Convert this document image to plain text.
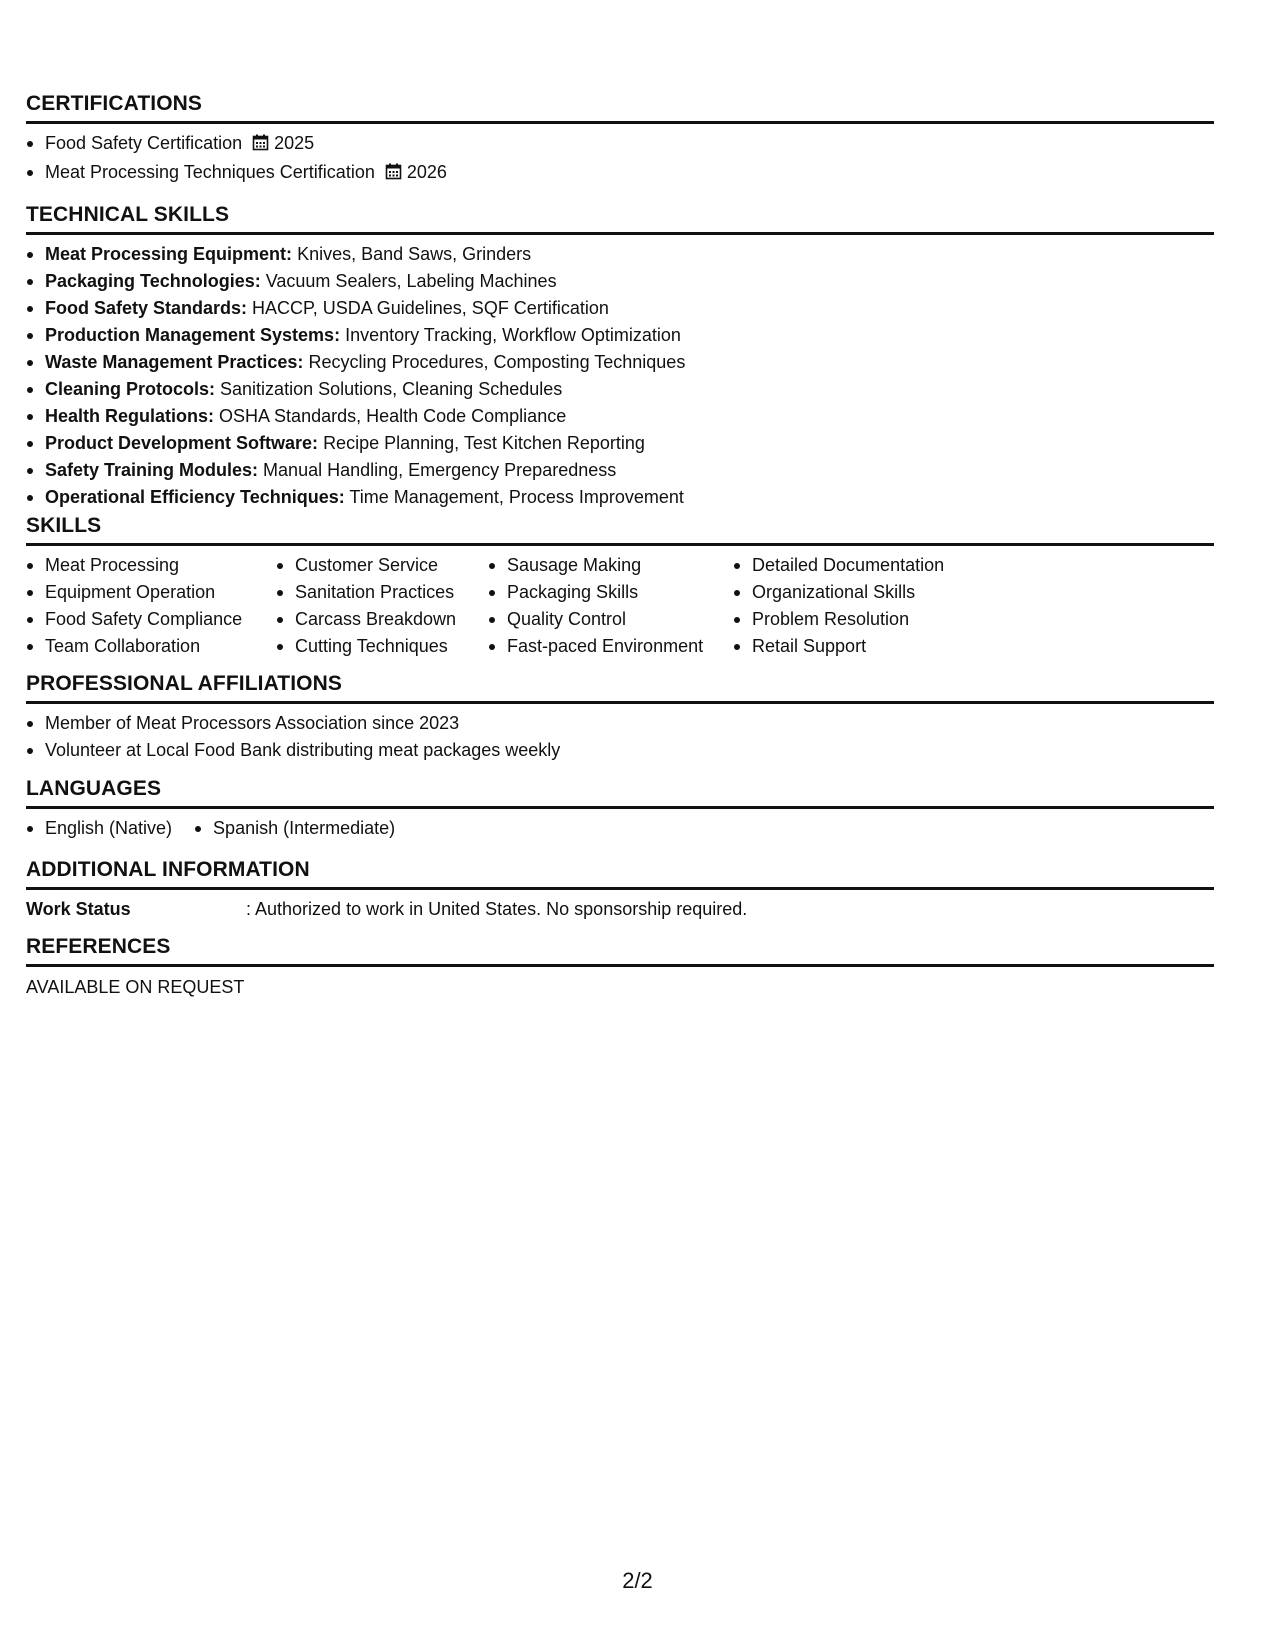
CERTIFICATIONS
Food Safety Certification 2025
Meat Processing Techniques Certification 2026
TECHNICAL SKILLS
Meat Processing Equipment: Knives, Band Saws, Grinders
Packaging Technologies: Vacuum Sealers, Labeling Machines
Food Safety Standards: HACCP, USDA Guidelines, SQF Certification
Production Management Systems: Inventory Tracking, Workflow Optimization
Waste Management Practices: Recycling Procedures, Composting Techniques
Cleaning Protocols: Sanitization Solutions, Cleaning Schedules
Health Regulations: OSHA Standards, Health Code Compliance
Product Development Software: Recipe Planning, Test Kitchen Reporting
Safety Training Modules: Manual Handling, Emergency Preparedness
Operational Efficiency Techniques: Time Management, Process Improvement
SKILLS
Meat Processing
Equipment Operation
Food Safety Compliance
Team Collaboration
Customer Service
Sanitation Practices
Carcass Breakdown
Cutting Techniques
Sausage Making
Packaging Skills
Quality Control
Fast-paced Environment
Detailed Documentation
Organizational Skills
Problem Resolution
Retail Support
PROFESSIONAL AFFILIATIONS
Member of Meat Processors Association since 2023
Volunteer at Local Food Bank distributing meat packages weekly
LANGUAGES
English (Native)	Spanish (Intermediate)
ADDITIONAL INFORMATION
Work Status	: Authorized to work in United States. No sponsorship required.
REFERENCES
AVAILABLE ON REQUEST
2/2
